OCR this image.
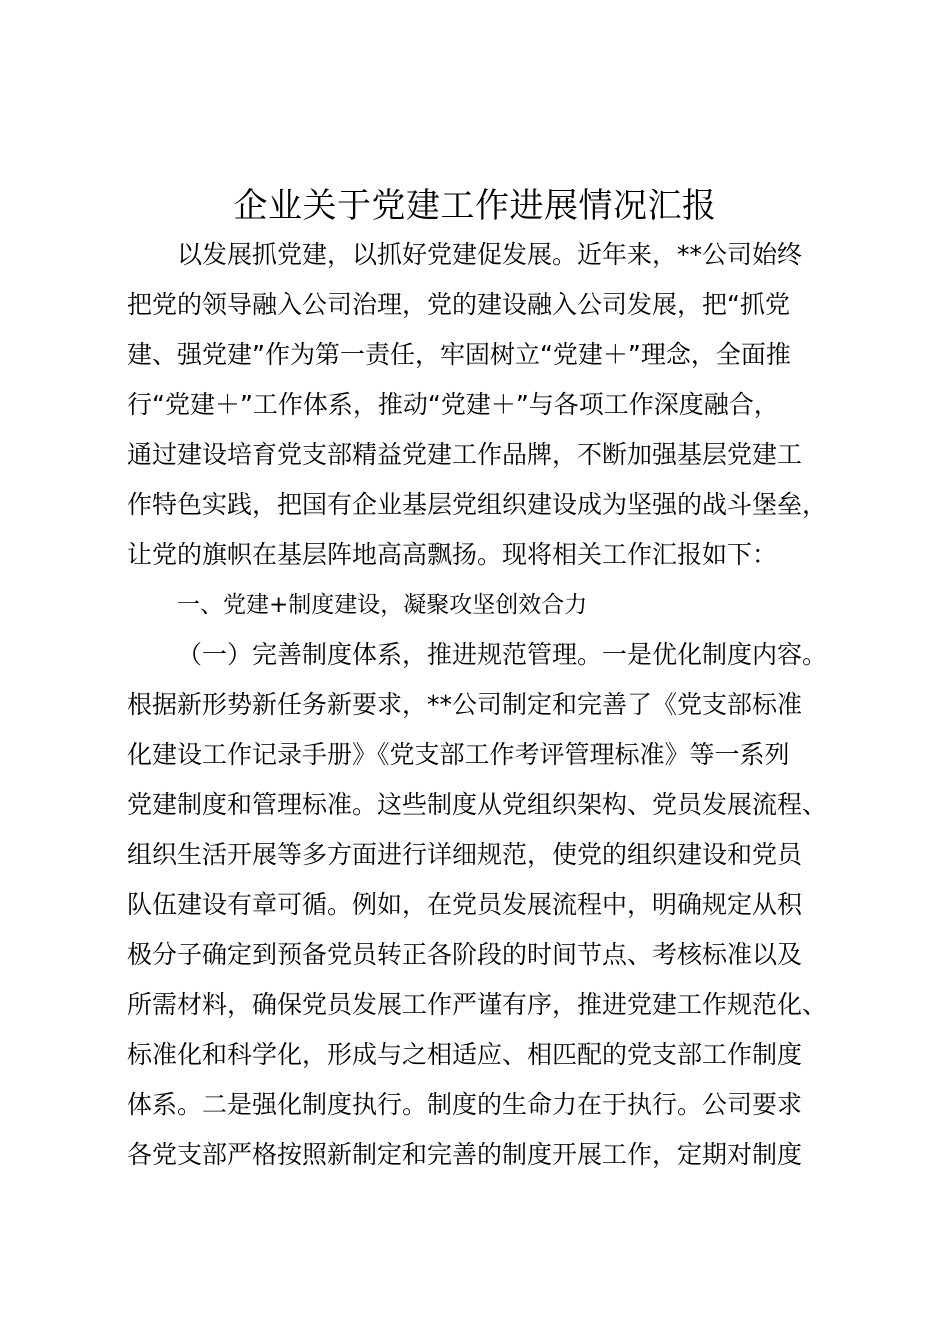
企业关于党建工作进展情况汇报
以发展抓党建，以抓好党建促发展。近年来，**公司始终
把党的领导融入公司治理，党的建设融入公司发展，把“抓党
建、强党建”作为第一责任，牢固树立“党建＋”理念，全面推
行“党建＋”工作体系，推动“党建＋”与各项工作深度融合，
通过建设培育党支部精益党建工作品牌，不断加强基层党建工
作特色实践，把国有企业基层党组织建设成为坚强的战斗堡垒，
让党的旗帜在基层阵地高高飘扬。现将相关工作汇报如下：
一、党建+制度建设，凝聚攻坚创效合力
（一）完善制度体系，推进规范管理。一是优化制度内容。
根据新形势新任务新要求，**公司制定和完善了《党支部标准
化建设工作记录手册》《党支部工作考评管理标准》等一系列
党建制度和管理标准。这些制度从党组织架构、党员发展流程、
组织生活开展等多方面进行详细规范，使党的组织建设和党员
队伍建设有章可循。例如，在党员发展流程中，明确规定从积
极分子确定到预备党员转正各阶段的时间节点、考核标准以及
所需材料，确保党员发展工作严谨有序，推进党建工作规范化、
标准化和科学化，形成与之相适应、相匹配的党支部工作制度
体系。二是强化制度执行。制度的生命力在于执行。公司要求
各党支部严格按照新制定和完善的制度开展工作，定期对制度
